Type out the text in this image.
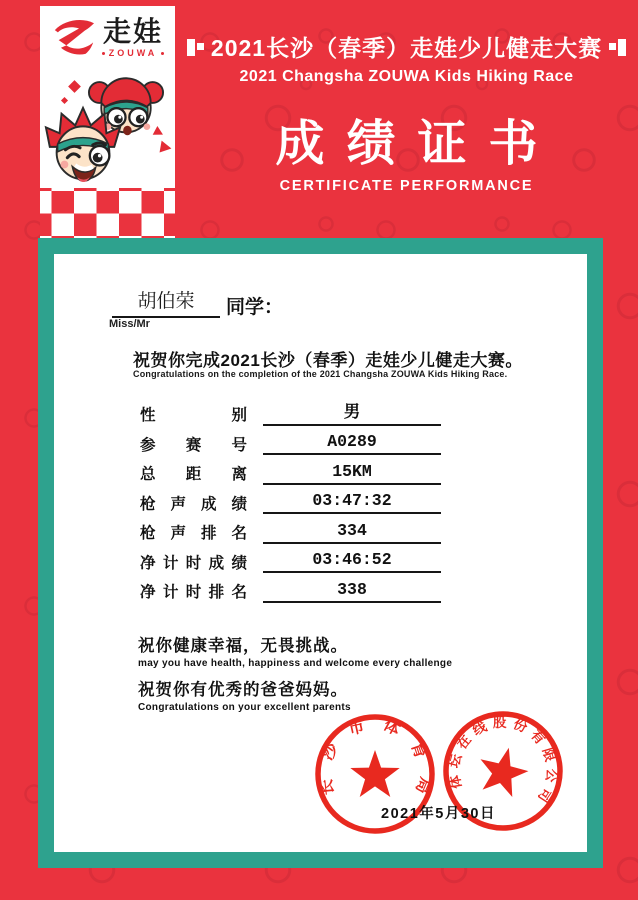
走娃
ZOUWA 2021长沙（春季）走娃少儿健走大赛
2021 Changsha ZOUWA Kids Hiking Race
成绩证书
CERTIFICATE PERFORMANCE
胡伯荣	同学：
Miss/Mr
祝贺你完成2021长沙（春季）走娃少儿健走大赛。
Congratulations on the completion of the 2021 Changsha ZOUWA Kids Hiking Race.
性别	男
参赛号	A0289
总距离	15KM
枪声成绩	03:47:32
枪声排名	334
净计时成绩	03:46:52
净计时排名	338
祝你健康幸福，无畏挑战。
may you have health, happiness and welcome every challenge
祝贺你有优秀的爸爸妈妈。
Congratulations on your excellent parents
长沙市体育局 体坛在线股份有限公司
2021年5月30日
